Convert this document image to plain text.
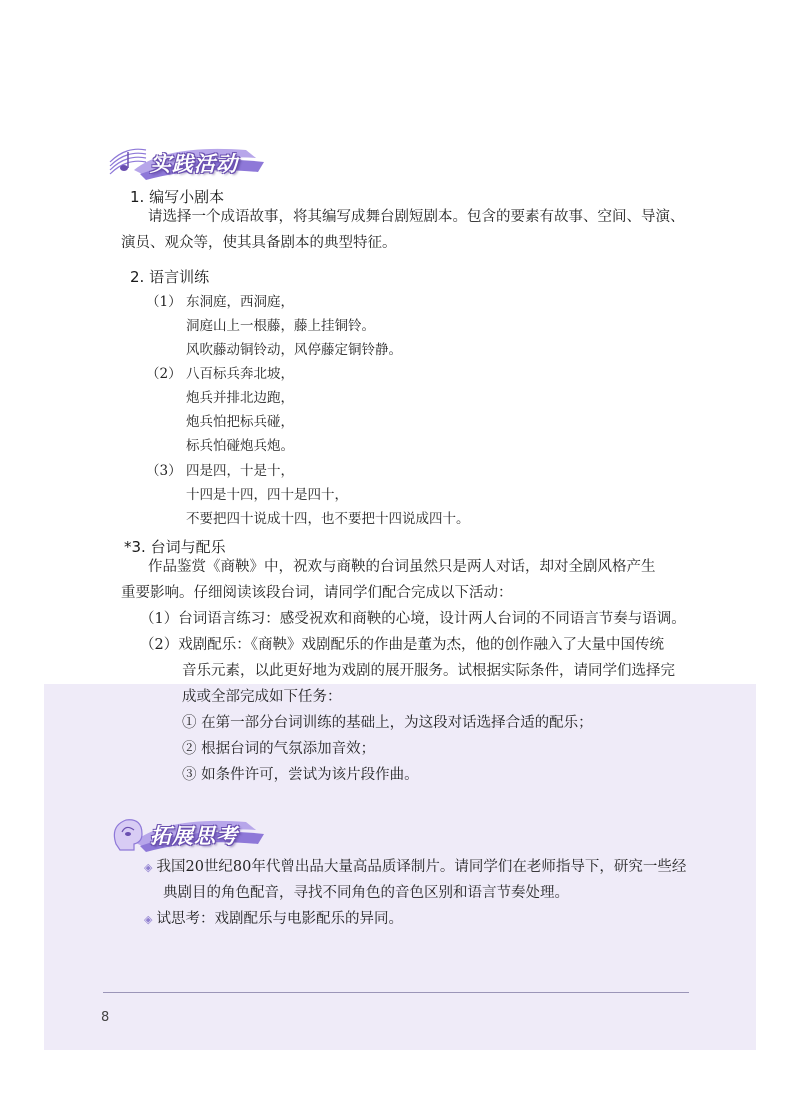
实践活动
1. 编写小剧本
请选择一个成语故事，将其编写成舞台剧短剧本。包含的要素有故事、空间、导演、
演员、观众等，使其具备剧本的典型特征。
2. 语言训练
（1） 东洞庭，西洞庭，
洞庭山上一根藤，藤上挂铜铃。
风吹藤动铜铃动，风停藤定铜铃静。
（2） 八百标兵奔北坡，
炮兵并排北边跑，
炮兵怕把标兵碰，
标兵怕碰炮兵炮。
（3） 四是四，十是十，
十四是十四，四十是四十，
不要把四十说成十四，也不要把十四说成四十。
*3. 台词与配乐
作品鉴赏《商鞅》中，祝欢与商鞅的台词虽然只是两人对话，却对全剧风格产生
重要影响。仔细阅读该段台词，请同学们配合完成以下活动：
（1）台词语言练习：感受祝欢和商鞅的心境，设计两人台词的不同语言节奏与语调。
（2）戏剧配乐：《商鞅》戏剧配乐的作曲是董为杰，他的创作融入了大量中国传统
音乐元素，以此更好地为戏剧的展开服务。试根据实际条件，请同学们选择完
成或全部完成如下任务：
① 在第一部分台词训练的基础上，为这段对话选择合适的配乐；
② 根据台词的气氛添加音效；
③ 如条件许可，尝试为该片段作曲。
拓展思考
◈ 我国20世纪80年代曾出品大量高品质译制片。请同学们在老师指导下，研究一些经
典剧目的角色配音，寻找不同角色的音色区别和语言节奏处理。
◈ 试思考：戏剧配乐与电影配乐的异同。
8
